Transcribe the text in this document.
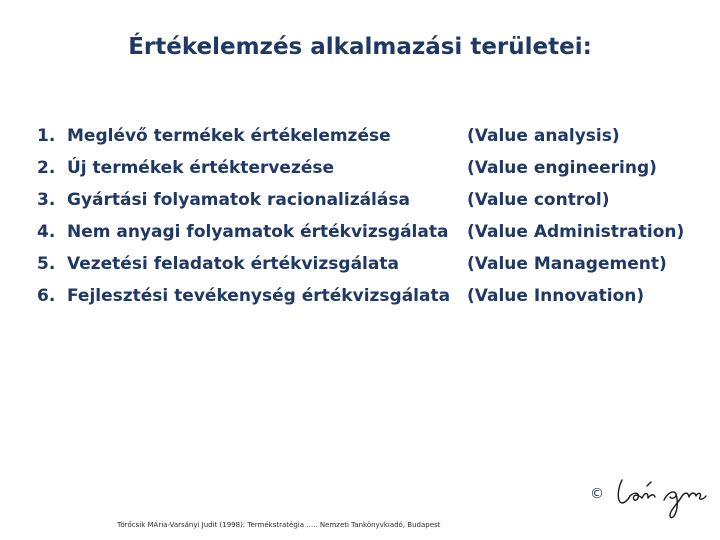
Értékelemzés alkalmazási területei:
1. Meglévő termékek értékelemzése	(Value analysis)
2. Új termékek értéktervezése	(Value engineering)
3. Gyártási folyamatok racionalizálása	(Value control)
4. Nem anyagi folyamatok értékvizsgálata (Value Administration)
5. Vezetési feladatok értékvizsgálata	(Value Management)
6. Fejlesztési tevékenység értékvizsgálata (Value Innovation)
Törőcsik MÁria-Varsányi Judit (1998): Termékstratégia ….. Nemzeti Tankönyvkiadó, Budapest
©
